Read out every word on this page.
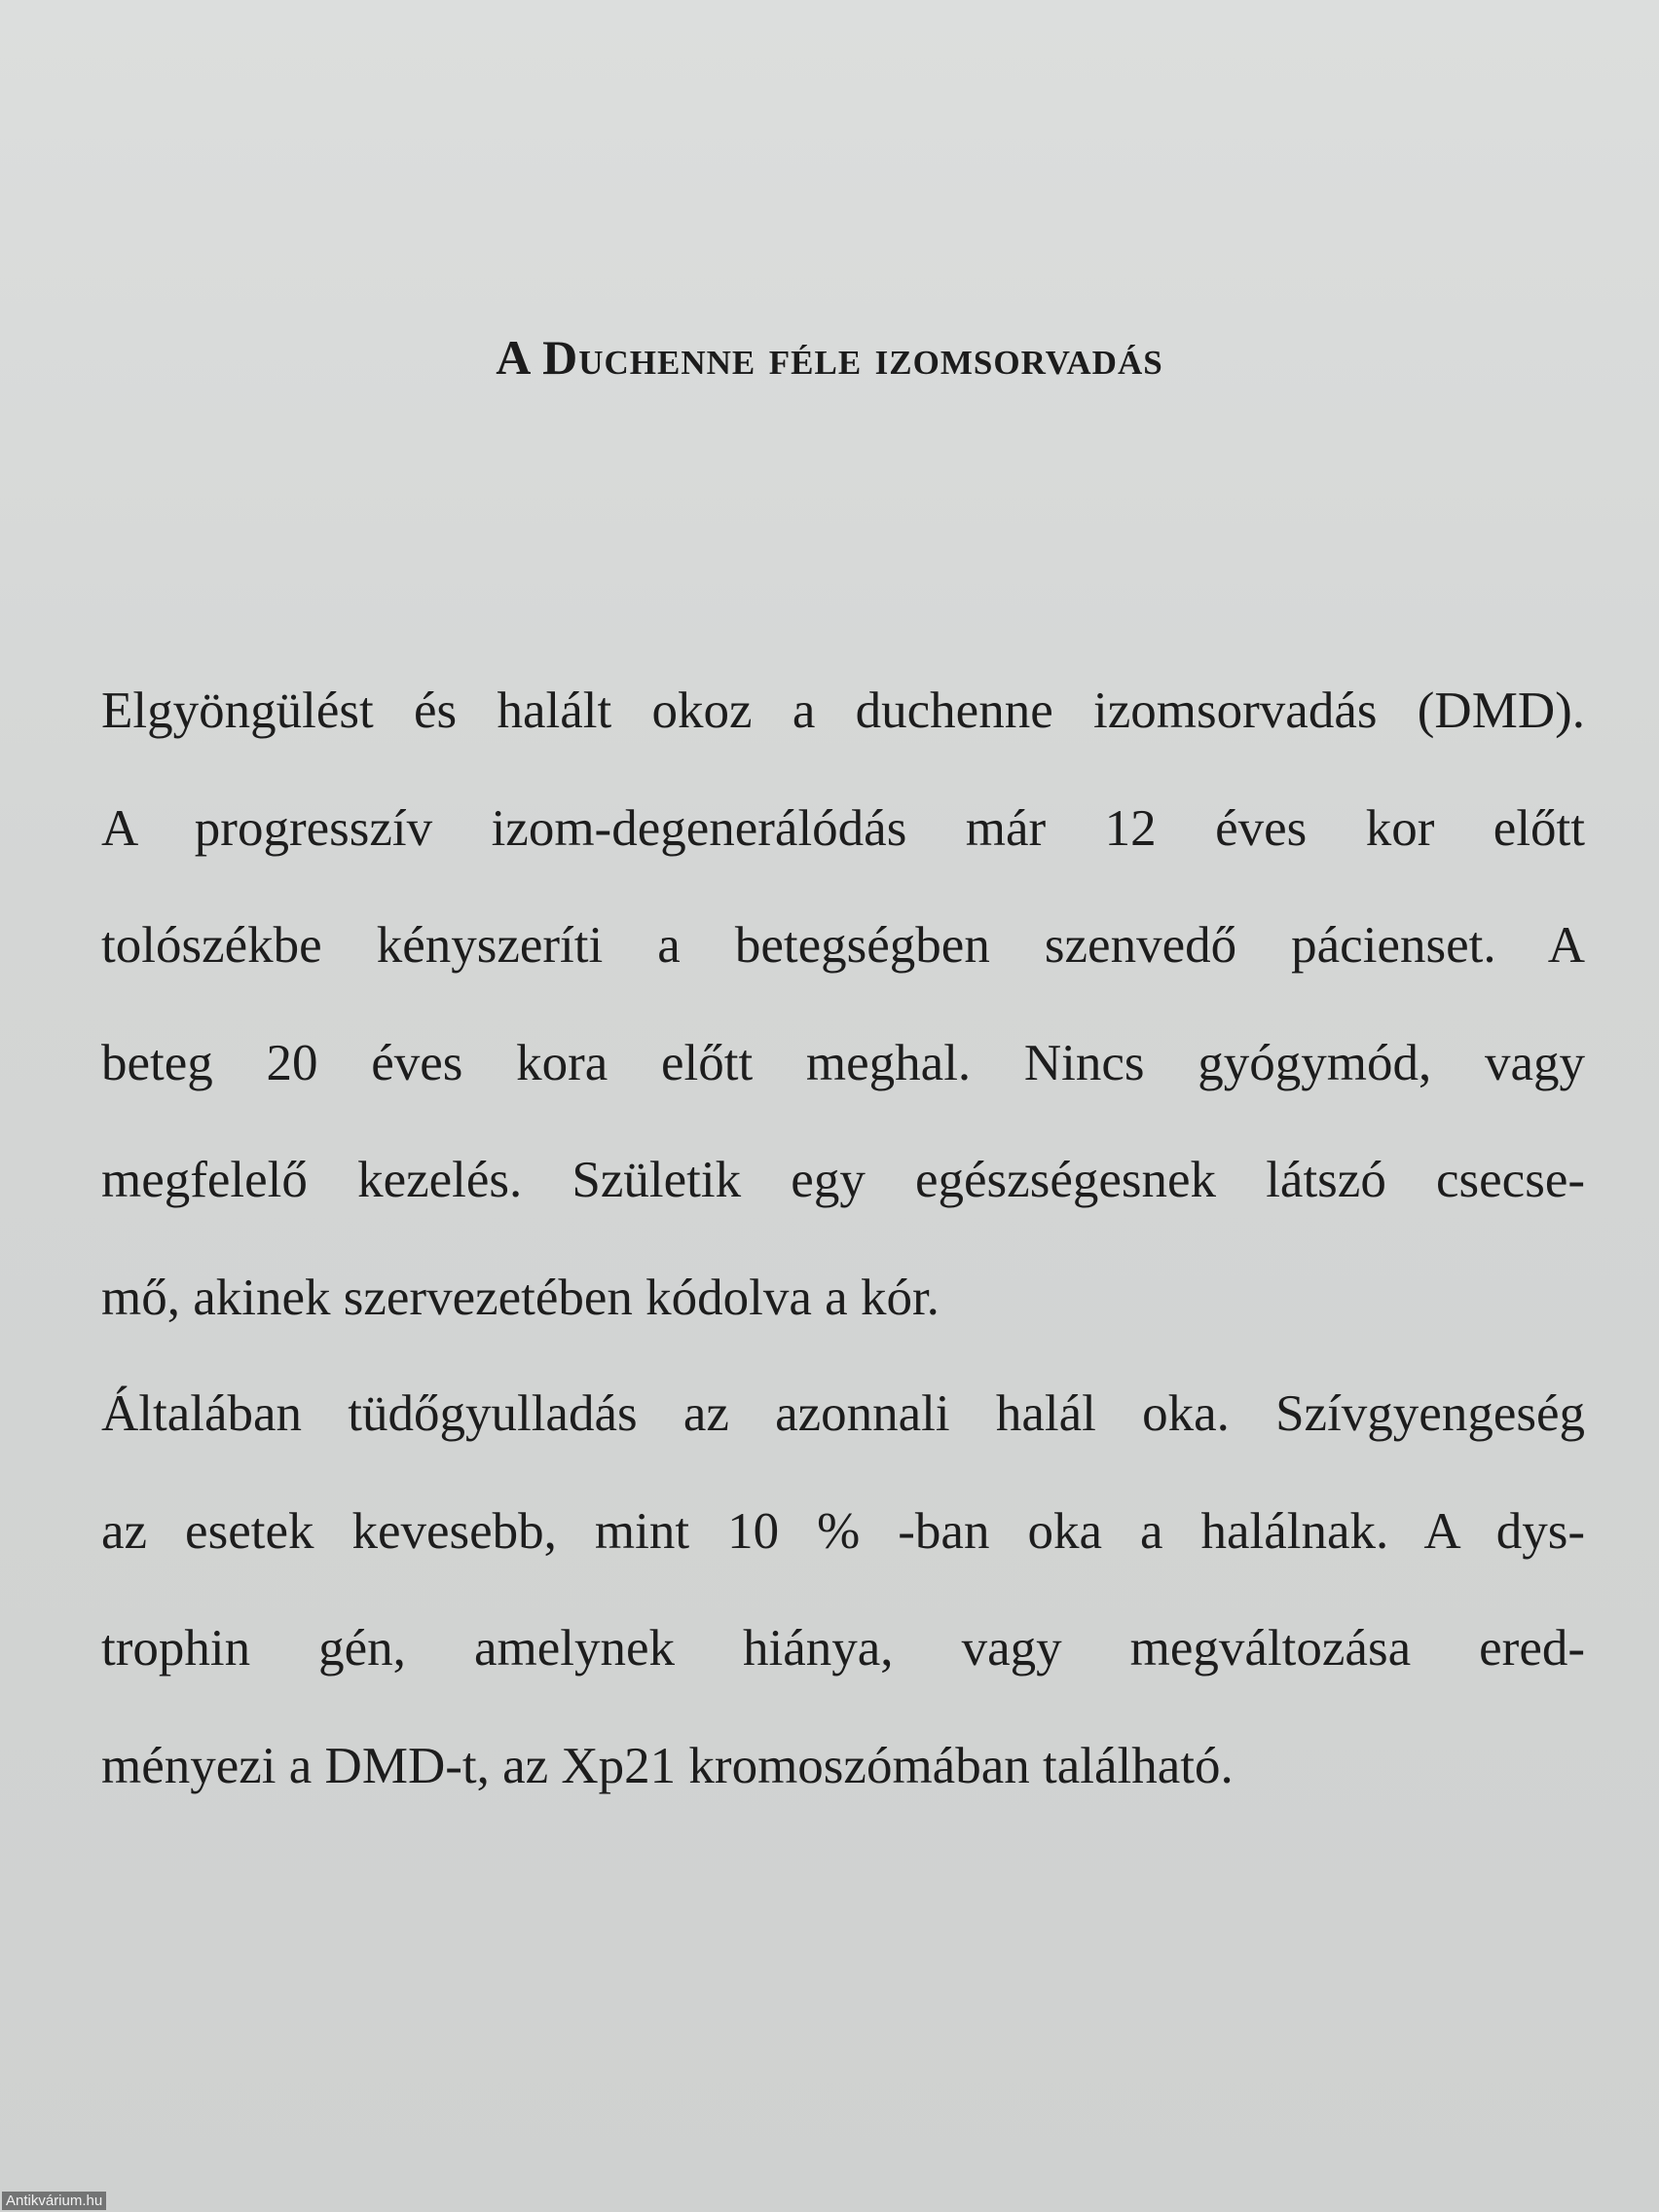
A Duchenne féle izomsorvadás

Elgyöngülést és halált okoz a duchenne izomsorvadás (DMD).
A progresszív izom-degenerálódás már 12 éves kor előtt
tolószékbe kényszeríti a betegségben szenvedő pácienset. A
beteg 20 éves kora előtt meghal. Nincs gyógymód, vagy
megfelelő kezelés. Születik egy egészségesnek látszó csecse-
mő, akinek szervezetében kódolva a kór.

Általában tüdőgyulladás az azonnali halál oka. Szívgyengeség
az esetek kevesebb, mint 10 % -ban oka a halálnak. A dys-
trophin gén, amelynek hiánya, vagy megváltozása ered-
ményezi a DMD-t, az Xp21 kromoszómában található.

Antikvárium.hu
